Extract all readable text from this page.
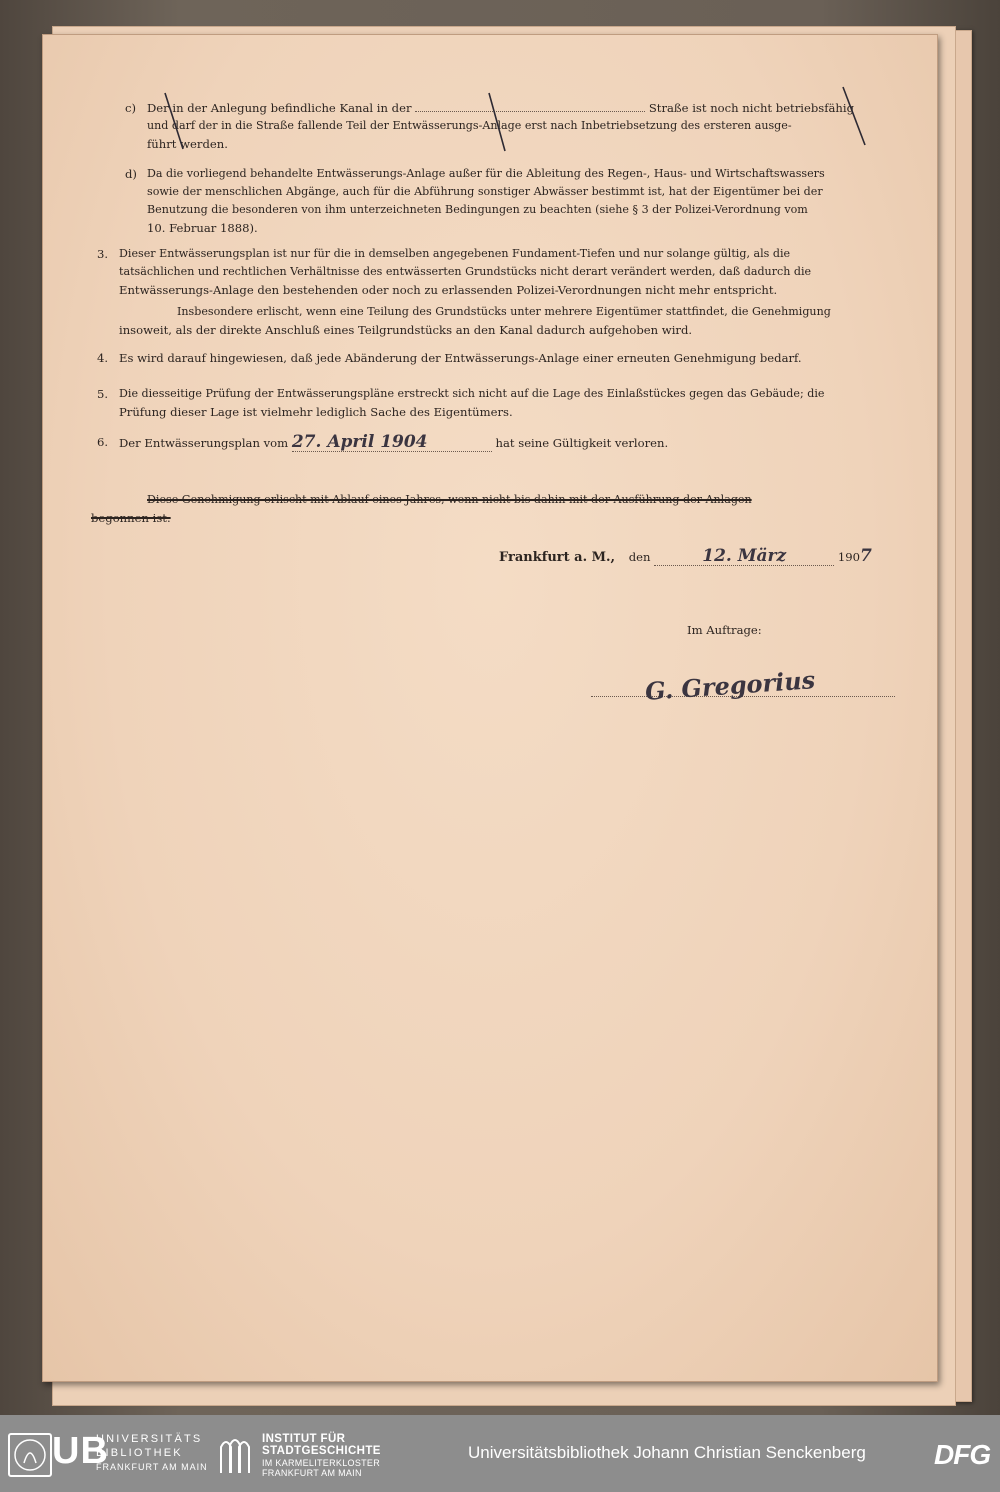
c) Der in der Anlegung befindliche Kanal in der	Straße ist noch nicht betriebsfähig
und darf der in die Straße fallende Teil der Entwässerungs-Anlage erst nach Inbetriebsetzung des ersteren ausge-
führt werden.
d) Da die vorliegend behandelte Entwässerungs-Anlage außer für die Ableitung des Regen-, Haus- und Wirtschaftswassers
sowie der menschlichen Abgänge, auch für die Abführung sonstiger Abwässer bestimmt ist, hat der Eigentümer bei der
Benutzung die besonderen von ihm unterzeichneten Bedingungen zu beachten (siehe § 3 der Polizei-Verordnung vom
10. Februar 1888).
3. Dieser Entwässerungsplan ist nur für die in demselben angegebenen Fundament-Tiefen und nur solange gültig, als die
tatsächlichen und rechtlichen Verhältnisse des entwässerten Grundstücks nicht derart verändert werden, daß dadurch die
Entwässerungs-Anlage den bestehenden oder noch zu erlassenden Polizei-Verordnungen nicht mehr entspricht.
Insbesondere erlischt, wenn eine Teilung des Grundstücks unter mehrere Eigentümer stattfindet, die Genehmigung
insoweit, als der direkte Anschluß eines Teilgrundstücks an den Kanal dadurch aufgehoben wird.
4. Es wird darauf hingewiesen, daß jede Abänderung der Entwässerungs-Anlage einer erneuten Genehmigung bedarf.
5. Die diesseitige Prüfung der Entwässerungspläne erstreckt sich nicht auf die Lage des Einlaßstückes gegen das Gebäude; die
Prüfung dieser Lage ist vielmehr lediglich Sache des Eigentümers.
6. Der Entwässerungsplan vom 27. April 1904	hat seine Gültigkeit verloren.
Diese Genehmigung erlischt mit Ablauf eines Jahres, wenn nicht bis dahin mit der Ausführung der Anlagen
begonnen ist.
Frankfurt a. M., den	12. März	1907
Im Auftrage:
G. Gregorius
UB
UNIVERSITÄTS
BIBLIOTHEK
FRANKFURT AM MAIN
INSTITUT FÜR
STADTGESCHICHTE
IM KARMELITERKLOSTER
FRANKFURT AM MAIN
Universitätsbibliothek Johann Christian Senckenberg DFG
